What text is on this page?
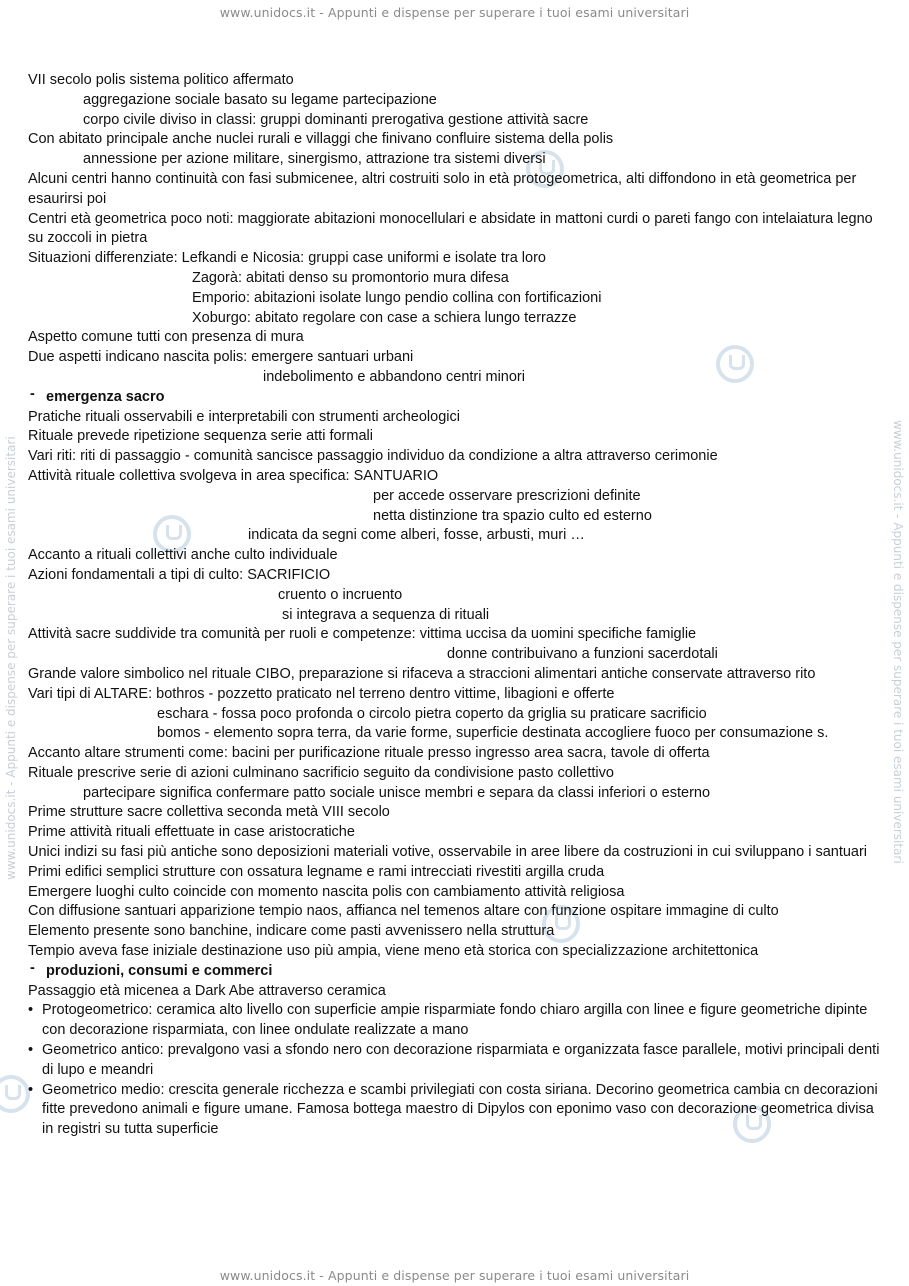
www.unidocs.it - Appunti e dispense per superare i tuoi esami universitari
www.unidocs.it - Appunti e dispense per superare i tuoi esami universitari	www.unidocs.it - Appunti e dispense per superare i tuoi esami universitari
VII secolo polis sistema politico affermato
aggregazione sociale basato su legame partecipazione
corpo civile diviso in classi: gruppi dominanti prerogativa gestione attività sacre
Con abitato principale anche nuclei rurali e villaggi che finivano confluire sistema della polis
annessione per azione militare, sinergismo, attrazione tra sistemi diversi
Alcuni centri hanno continuità con fasi submicenee, altri costruiti solo in età protogeometrica, alti diffondono in età geometrica per esaurirsi poi
Centri età geometrica poco noti: maggiorate abitazioni monocellulari e absidate in mattoni curdi o pareti fango con intelaiatura legno su zoccoli in pietra
Situazioni differenziate: Lefkandi e Nicosia: gruppi case uniformi e isolate tra loro
Zagorà: abitati denso su promontorio mura difesa
Emporio: abitazioni isolate lungo pendio collina con fortificazioni
Xoburgo: abitato regolare con case a schiera lungo terrazze
Aspetto comune tutti con presenza di mura
Due aspetti indicano nascita polis: emergere santuari urbani
indebolimento e abbandono centri minori
- emergenza sacro
Pratiche rituali osservabili e interpretabili con strumenti archeologici
Rituale prevede ripetizione sequenza serie atti formali
Vari riti: riti di passaggio - comunità sancisce passaggio individuo da condizione a altra attraverso cerimonie
Attività rituale collettiva svolgeva in area specifica: SANTUARIO
per accede osservare prescrizioni definite
netta distinzione tra spazio culto ed esterno
indicata da segni come alberi, fosse, arbusti, muri …
Accanto a rituali collettivi anche culto individuale
Azioni fondamentali a tipi di culto: SACRIFICIO
cruento o incruento
si integrava a sequenza di rituali
Attività sacre suddivide tra comunità per ruoli e competenze: vittima uccisa da uomini specifiche famiglie
donne contribuivano a funzioni sacerdotali
Grande valore simbolico nel rituale CIBO, preparazione si rifaceva a straccioni alimentari antiche conservate attraverso rito
Vari tipi di ALTARE: bothros - pozzetto praticato nel terreno dentro vittime, libagioni e offerte
eschara - fossa poco profonda o circolo pietra coperto da griglia su praticare sacrificio
bomos - elemento sopra terra, da varie forme, superficie destinata accogliere fuoco per consumazione s.
Accanto altare strumenti come: bacini per purificazione rituale presso ingresso area sacra, tavole di offerta
Rituale prescrive serie di azioni culminano sacrificio seguito da condivisione pasto collettivo
partecipare significa confermare patto sociale unisce membri e separa da classi inferiori o esterno
Prime strutture sacre collettiva seconda metà VIII secolo
Prime attività rituali effettuate in case aristocratiche
Unici indizi su fasi più antiche sono deposizioni materiali votive, osservabile in aree libere da costruzioni in cui sviluppano i santuari
Primi edifici semplici strutture con ossatura legname e rami intrecciati rivestiti argilla cruda
Emergere luoghi culto coincide con momento nascita polis con cambiamento attività religiosa
Con diffusione santuari apparizione tempio naos, affianca nel temenos altare con funzione ospitare immagine di culto
Elemento presente sono banchine, indicare come pasti avvenissero nella struttura
Tempio aveva fase iniziale destinazione uso più ampia, viene meno età storica con specializzazione architettonica
- produzioni, consumi e commerci
Passaggio età micenea a Dark Abe attraverso ceramica
• Protogeometrico: ceramica alto livello con superficie ampie risparmiate fondo chiaro argilla con linee e figure geometriche dipinte con decorazione risparmiata, con linee ondulate realizzate a mano
• Geometrico antico: prevalgono vasi a sfondo nero con decorazione risparmiata e organizzata fasce parallele, motivi principali denti di lupo e meandri
• Geometrico medio: crescita generale ricchezza e scambi privilegiati con costa siriana. Decorino geometrica cambia cn decorazioni fitte prevedono animali e figure umane. Famosa bottega maestro di Dipylos con eponimo vaso con decorazione geometrica divisa in registri su tutta superficie
www.unidocs.it - Appunti e dispense per superare i tuoi esami universitari
